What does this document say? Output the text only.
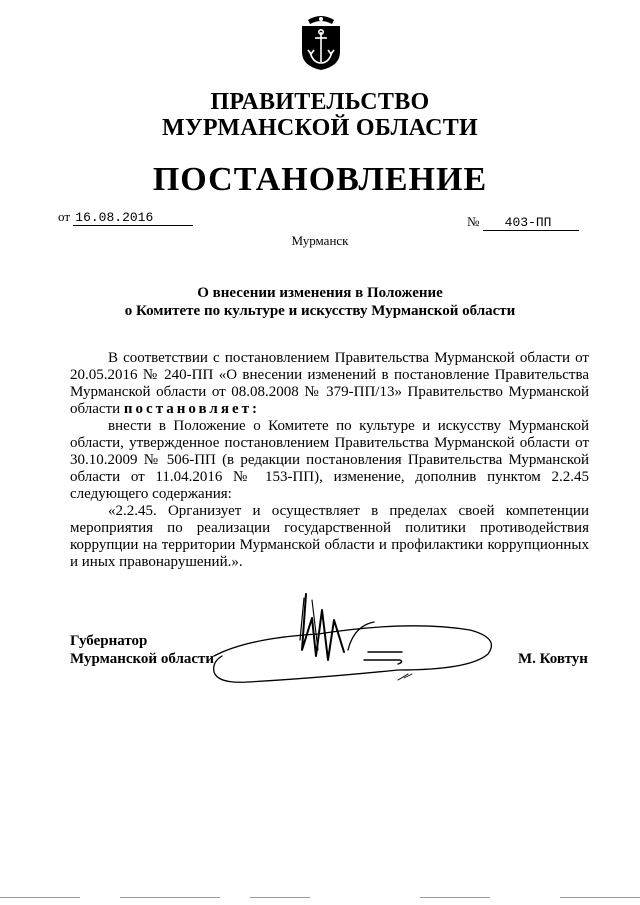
ПРАВИТЕЛЬСТВО
МУРМАНСКОЙ ОБЛАСТИ
ПОСТАНОВЛЕНИЕ
от 16.08.2016	№ 403-ПП
Мурманск
О внесении изменения в Положение
о Комитете по культуре и искусству Мурманской области

В соответствии с постановлением Правительства Мурманской области от 20.05.2016 № 240-ПП «О внесении изменений в постановление Правительства Мурманской области от 08.08.2008 № 379-ПП/13» Правительство Мурманской области постановляет:

внести в Положение о Комитете по культуре и искусству Мурманской области, утвержденное постановлением Правительства Мурманской области от 30.10.2009 № 506-ПП (в редакции постановления Правительства Мурманской области от 11.04.2016 № 153-ПП), изменение, дополнив пунктом 2.2.45 следующего содержания:

«2.2.45. Организует и осуществляет в пределах своей компетенции мероприятия по реализации государственной политики противодействия коррупции на территории Мурманской области и профилактики коррупционных и иных правонарушений.».

Губернатор
Мурманской области	М. Ковтун
